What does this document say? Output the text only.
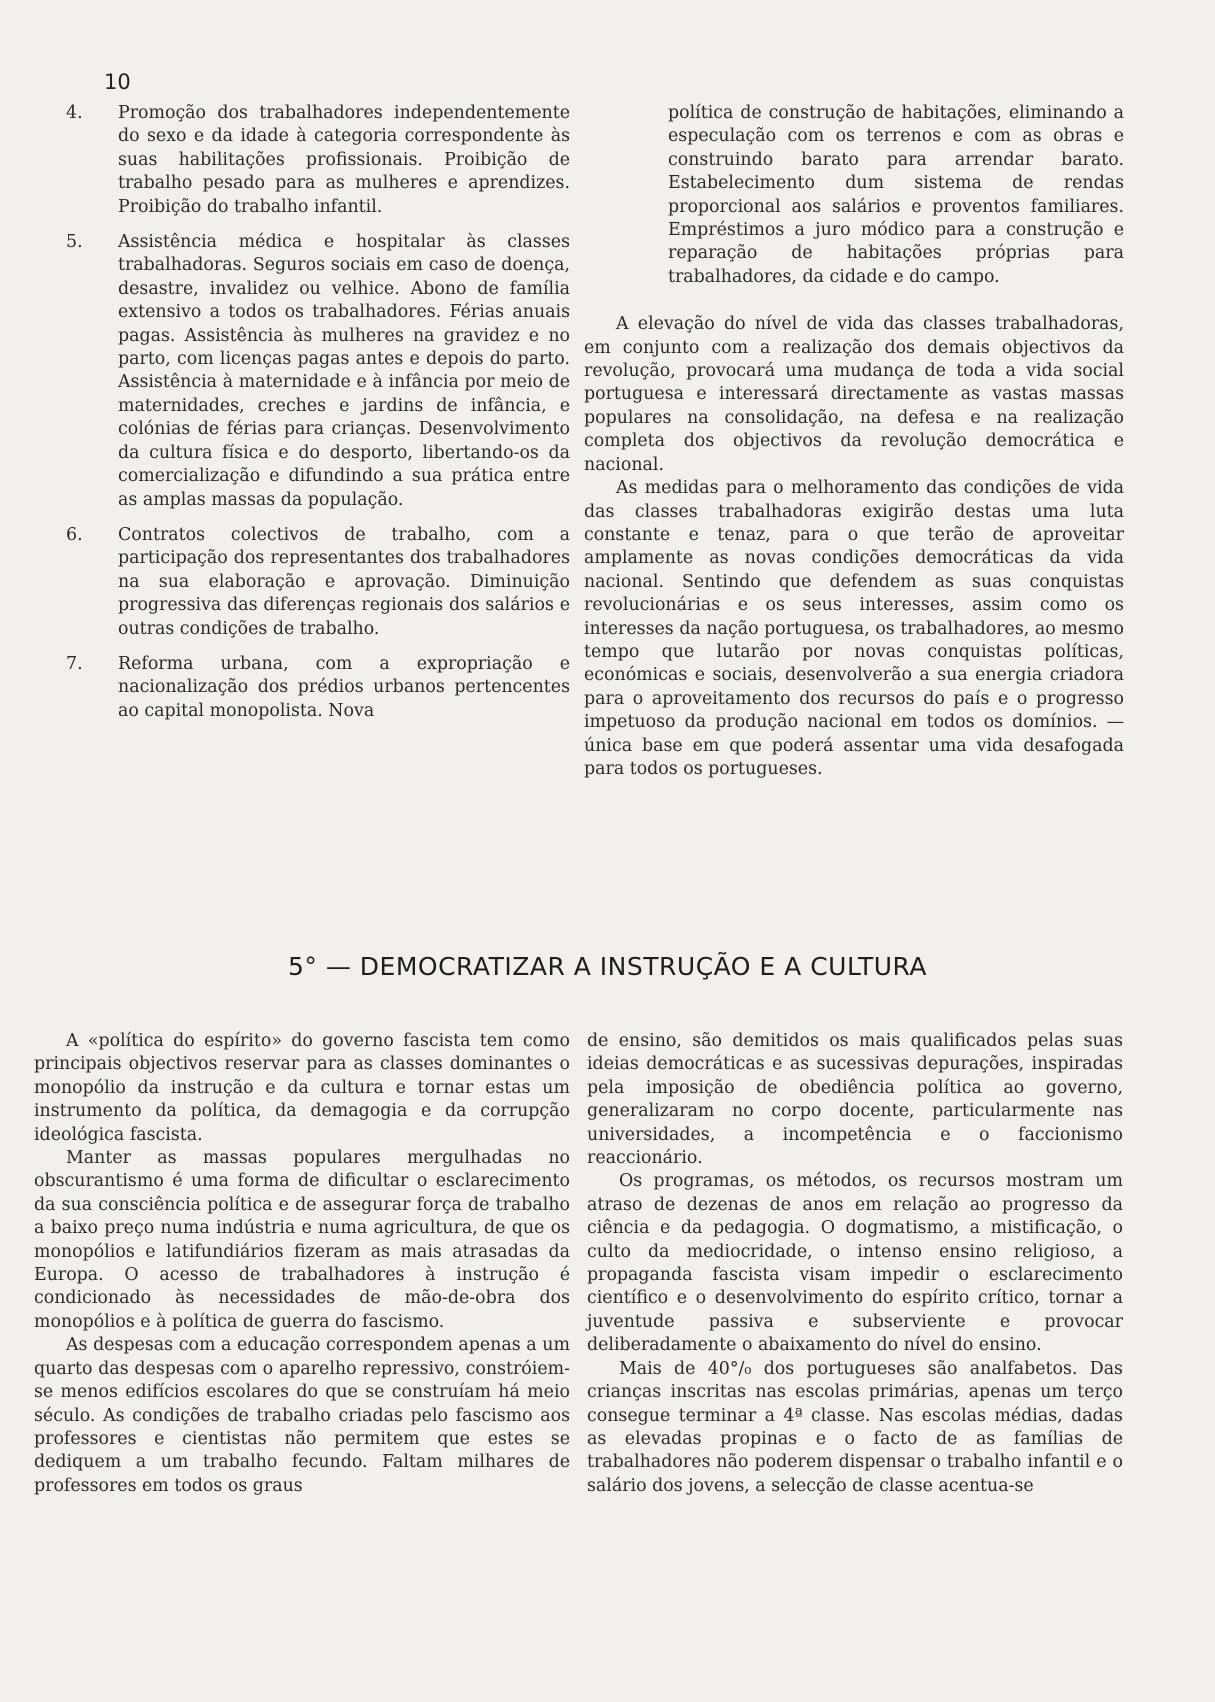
10
4.	Promoção dos trabalhadores independentemente do sexo e da idade à categoria correspondente às suas habilitações profissionais. Proibição de trabalho pesado para as mulheres e aprendizes. Proibição do trabalho infantil.
5.	Assistência médica e hospitalar às classes trabalhadoras. Seguros sociais em caso de doença, desastre, invalidez ou velhice. Abono de família extensivo a todos os trabalhadores. Férias anuais pagas. Assistência às mulheres na gravidez e no parto, com licenças pagas antes e depois do parto. Assistência à maternidade e à infância por meio de maternidades, creches e jardins de infância, e colónias de férias para crianças. Desenvolvimento da cultura física e do desporto, libertando-os da comercialização e difundindo a sua prática entre as amplas massas da população.
6.	Contratos colectivos de trabalho, com a participação dos representantes dos trabalhadores na sua elaboração e aprovação. Diminuição progressiva das diferenças regionais dos salários e outras condições de trabalho.
7.	Reforma urbana, com a expropriação e nacionalização dos prédios urbanos pertencentes ao capital monopolista. Nova

política de construção de habitações, eliminando a especulação com os terrenos e com as obras e construindo barato para arrendar barato. Estabelecimento dum sistema de rendas proporcional aos salários e proventos familiares. Empréstimos a juro módico para a construção e reparação de habitações próprias para trabalhadores, da cidade e do campo.

A elevação do nível de vida das classes trabalhadoras, em conjunto com a realização dos demais objectivos da revolução, provocará uma mudança de toda a vida social portuguesa e interessará directamente as vastas massas populares na consolidação, na defesa e na realização completa dos objectivos da revolução democrática e nacional.

As medidas para o melhoramento das condições de vida das classes trabalhadoras exigirão destas uma luta constante e tenaz, para o que terão de aproveitar amplamente as novas condições democráticas da vida nacional. Sentindo que defendem as suas conquistas revolucionárias e os seus interesses, assim como os interesses da nação portuguesa, os trabalhadores, ao mesmo tempo que lutarão por novas conquistas políticas, económicas e sociais, desenvolverão a sua energia criadora para o aproveitamento dos recursos do país e o progresso impetuoso da produção nacional em todos os domínios. — única base em que poderá assentar uma vida desafogada para todos os portugueses.

5° — DEMOCRATIZAR A INSTRUÇÃO E A CULTURA

A «política do espírito» do governo fascista tem como principais objectivos reservar para as classes dominantes o monopólio da instrução e da cultura e tornar estas um instrumento da política, da demagogia e da corrupção ideológica fascista.

Manter as massas populares mergulhadas no obscurantismo é uma forma de dificultar o esclarecimento da sua consciência política e de assegurar força de trabalho a baixo preço numa indústria e numa agricultura, de que os monopólios e latifundiários fizeram as mais atrasadas da Europa. O acesso de trabalhadores à instrução é condicionado às necessidades de mão-de-obra dos monopólios e à política de guerra do fascismo.

As despesas com a educação correspondem apenas a um quarto das despesas com o aparelho repressivo, constróiem-se menos edifícios escolares do que se construíam há meio século. As condições de trabalho criadas pelo fascismo aos professores e cientistas não permitem que estes se dediquem a um trabalho fecundo. Faltam milhares de professores em todos os graus

de ensino, são demitidos os mais qualificados pelas suas ideias democráticas e as sucessivas depurações, inspiradas pela imposição de obediência política ao governo, generalizaram no corpo docente, particularmente nas universidades, a incompetência e o faccionismo reaccionário.

Os programas, os métodos, os recursos mostram um atraso de dezenas de anos em relação ao progresso da ciência e da pedagogia. O dogmatismo, a mistificação, o culto da mediocridade, o intenso ensino religioso, a propaganda fascista visam impedir o esclarecimento científico e o desenvolvimento do espírito crítico, tornar a juventude passiva e subserviente e provocar deliberadamente o abaixamento do nível do ensino.

Mais de 40°/₀ dos portugueses são analfabetos. Das crianças inscritas nas escolas primárias, apenas um terço consegue terminar a 4ª classe. Nas escolas médias, dadas as elevadas propinas e o facto de as famílias de trabalhadores não poderem dispensar o trabalho infantil e o salário dos jovens, a selecção de classe acentua-se
